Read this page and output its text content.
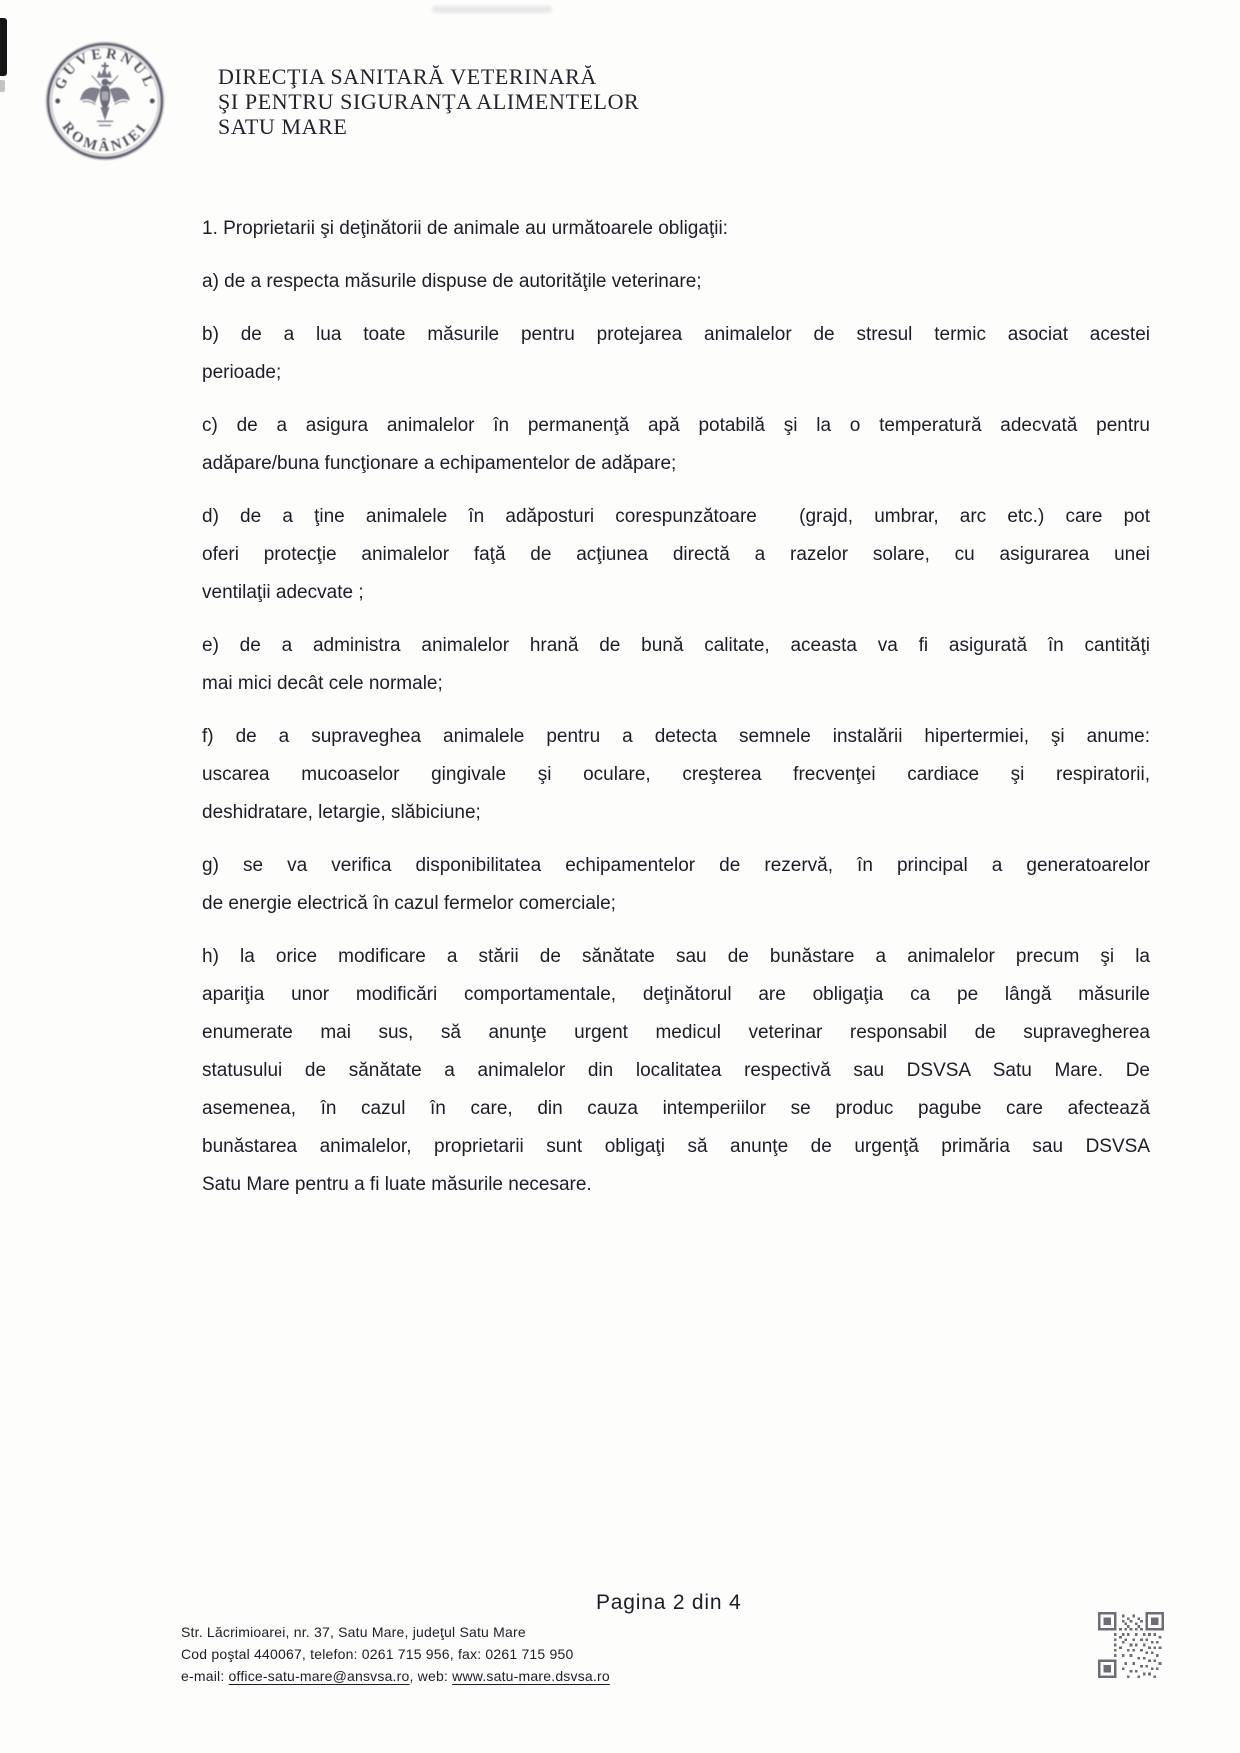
GUVERNUL
ROMÂNIEI
DIRECŢIA SANITARĂ VETERINARĂ
ŞI PENTRU SIGURANŢA ALIMENTELOR
SATU MARE
1. Proprietarii şi deţinătorii de animale au următoarele obligaţii:
a) de a respecta măsurile dispuse de autorităţile veterinare;
b) de a lua toate măsurile pentru protejarea animalelor de stresul termic asociat acestei
perioade;
c) de a asigura animalelor în permanenţă apă potabilă şi la o temperatură adecvată pentru
adăpare/buna funcţionare a echipamentelor de adăpare;
d) de a ţine animalele în adăposturi corespunzătoare  (grajd, umbrar, arc etc.) care pot
oferi protecţie animalelor faţă de acţiunea directă a razelor solare, cu asigurarea unei
ventilaţii adecvate ;
e) de a administra animalelor hrană de bună calitate, aceasta va fi asigurată în cantităţi
mai mici decât cele normale;
f) de a supraveghea animalele pentru a detecta semnele instalării hipertermiei, şi anume:
uscarea mucoaselor gingivale şi oculare, creşterea frecvenţei cardiace şi respiratorii,
deshidratare, letargie, slăbiciune;
g) se va verifica disponibilitatea echipamentelor de rezervă, în principal a generatoarelor
de energie electrică în cazul fermelor comerciale;
h) la orice modificare a stării de sănătate sau de bunăstare a animalelor precum şi la
apariţia unor modificări comportamentale, deţinătorul are obligaţia ca pe lângă măsurile
enumerate mai sus, să anunţe urgent medicul veterinar responsabil de supravegherea
statusului de sănătate a animalelor din localitatea respectivă sau DSVSA Satu Mare. De
asemenea, în cazul în care, din cauza intemperiilor se produc pagube care afectează
bunăstarea animalelor, proprietarii sunt obligaţi să anunţe de urgenţă primăria sau DSVSA
Satu Mare pentru a fi luate măsurile necesare.
Pagina 2 din 4
Str. Lăcrimioarei, nr. 37, Satu Mare, judeţul Satu Mare
Cod poştal 440067, telefon: 0261 715 956, fax: 0261 715 950
e-mail: office-satu-mare@ansvsa.ro, web: www.satu-mare.dsvsa.ro
